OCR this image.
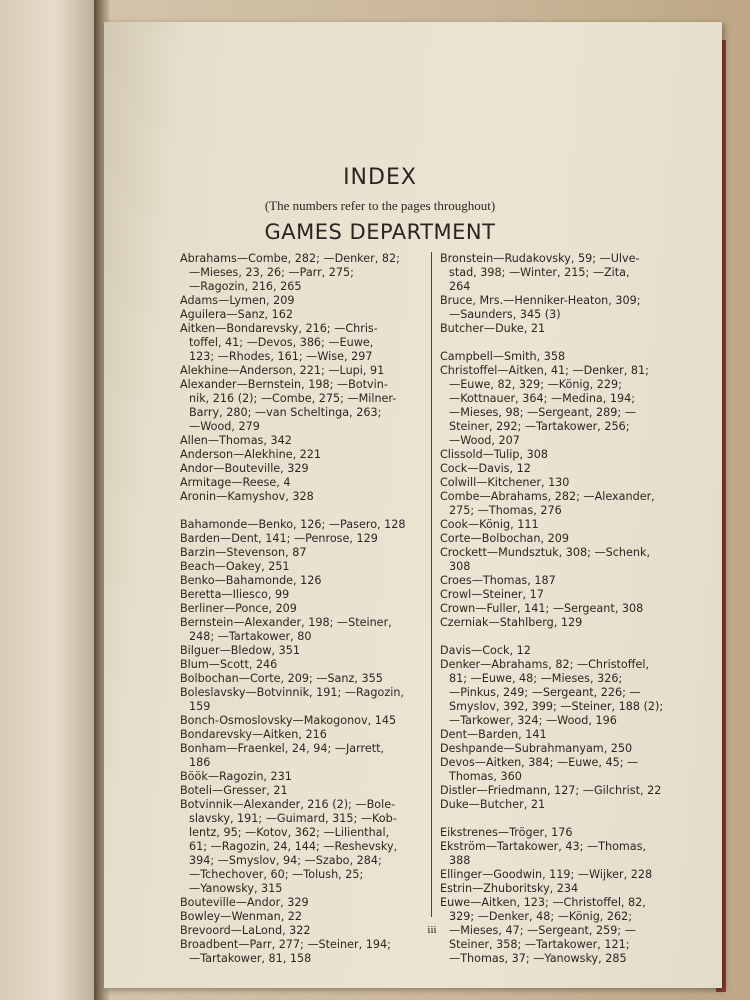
INDEX
(The numbers refer to the pages throughout)
GAMES DEPARTMENT
Abrahams—Combe, 282; —Denker, 82;
—Mieses, 23, 26; —Parr, 275;
—Ragozin, 216, 265
Adams—Lymen, 209
Aguilera—Sanz, 162
Aitken—Bondarevsky, 216; —Chris-
toffel, 41; —Devos, 386; —Euwe,
123; —Rhodes, 161; —Wise, 297
Alekhine—Anderson, 221; —Lupi, 91
Alexander—Bernstein, 198; —Botvin-
nik, 216 (2); —Combe, 275; —Milner-
Barry, 280; —van Scheltinga, 263;
—Wood, 279
Allen—Thomas, 342
Anderson—Alekhine, 221
Andor—Bouteville, 329
Armitage—Reese, 4
Aronin—Kamyshov, 328
Bahamonde—Benko, 126; —Pasero, 128
Barden—Dent, 141; —Penrose, 129
Barzin—Stevenson, 87
Beach—Oakey, 251
Benko—Bahamonde, 126
Beretta—Iliesco, 99
Berliner—Ponce, 209
Bernstein—Alexander, 198; —Steiner,
248; —Tartakower, 80
Bilguer—Bledow, 351
Blum—Scott, 246
Bolbochan—Corte, 209; —Sanz, 355
Boleslavsky—Botvinnik, 191; —Ragozin,
159
Bonch-Osmoslovsky—Makogonov, 145
Bondarevsky—Aitken, 216
Bonham—Fraenkel, 24, 94; —Jarrett,
186
Böök—Ragozin, 231
Boteli—Gresser, 21
Botvinnik—Alexander, 216 (2); —Bole-
slavsky, 191; —Guimard, 315; —Kob-
lentz, 95; —Kotov, 362; —Lilienthal,
61; —Ragozin, 24, 144; —Reshevsky,
394; —Smyslov, 94; —Szabo, 284;
—Tchechover, 60; —Tolush, 25;
—Yanowsky, 315
Bouteville—Andor, 329
Bowley—Wenman, 22
Brevoord—LaLond, 322
Broadbent—Parr, 277; —Steiner, 194;
—Tartakower, 81, 158
Bronstein—Rudakovsky, 59; —Ulve-
stad, 398; —Winter, 215; —Zita,
264
Bruce, Mrs.—Henniker-Heaton, 309;
—Saunders, 345 (3)
Butcher—Duke, 21
Campbell—Smith, 358
Christoffel—Aitken, 41; —Denker, 81;
—Euwe, 82, 329; —König, 229;
—Kottnauer, 364; —Medina, 194;
—Mieses, 98; —Sergeant, 289; —
Steiner, 292; —Tartakower, 256;
—Wood, 207
Clissold—Tulip, 308
Cock—Davis, 12
Colwill—Kitchener, 130
Combe—Abrahams, 282; —Alexander,
275; —Thomas, 276
Cook—König, 111
Corte—Bolbochan, 209
Crockett—Mundsztuk, 308; —Schenk,
308
Croes—Thomas, 187
Crowl—Steiner, 17
Crown—Fuller, 141; —Sergeant, 308
Czerniak—Stahlberg, 129
Davis—Cock, 12
Denker—Abrahams, 82; —Christoffel,
81; —Euwe, 48; —Mieses, 326;
—Pinkus, 249; —Sergeant, 226; —
Smyslov, 392, 399; —Steiner, 188 (2);
—Tarkower, 324; —Wood, 196
Dent—Barden, 141
Deshpande—Subrahmanyam, 250
Devos—Aitken, 384; —Euwe, 45; —
Thomas, 360
Distler—Friedmann, 127; —Gilchrist, 22
Duke—Butcher, 21
Eikstrenes—Tröger, 176
Ekström—Tartakower, 43; —Thomas,
388
Ellinger—Goodwin, 119; —Wijker, 228
Estrin—Zhuboritsky, 234
Euwe—Aitken, 123; —Christoffel, 82,
329; —Denker, 48; —König, 262;
—Mieses, 47; —Sergeant, 259; —
Steiner, 358; —Tartakower, 121;
—Thomas, 37; —Yanowsky, 285
iii
